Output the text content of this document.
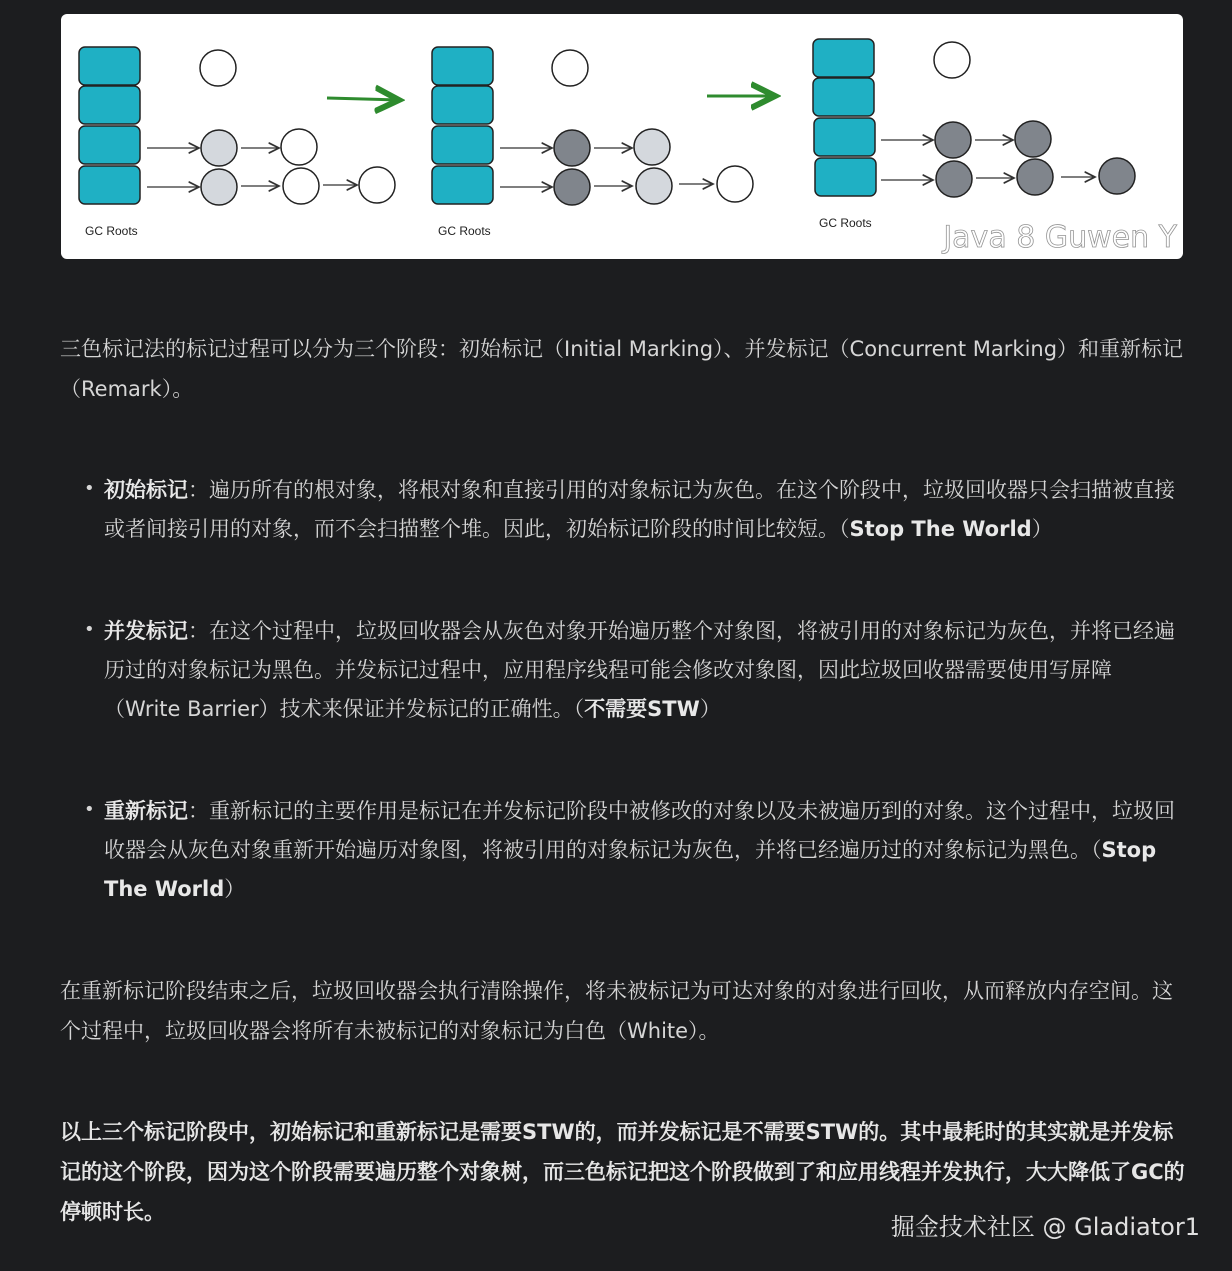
GC Roots	GC Roots
GC Roots Java 8 Guwen Y

三色标记法的标记过程可以分为三个阶段：初始标记（Initial Marking）、并发标记（Concurrent Marking）和重新标记（Remark）。

• 初始标记：遍历所有的根对象，将根对象和直接引用的对象标记为灰色。在这个阶段中，垃圾回收器只会扫描被直接或者间接引用的对象，而不会扫描整个堆。因此，初始标记阶段的时间比较短。（Stop The World）

• 并发标记：在这个过程中，垃圾回收器会从灰色对象开始遍历整个对象图，将被引用的对象标记为灰色，并将已经遍历过的对象标记为黑色。并发标记过程中，应用程序线程可能会修改对象图，因此垃圾回收器需要使用写屏障（Write Barrier）技术来保证并发标记的正确性。（不需要STW）

• 重新标记：重新标记的主要作用是标记在并发标记阶段中被修改的对象以及未被遍历到的对象。这个过程中，垃圾回收器会从灰色对象重新开始遍历对象图，将被引用的对象标记为灰色，并将已经遍历过的对象标记为黑色。（Stop The World）

在重新标记阶段结束之后，垃圾回收器会执行清除操作，将未被标记为可达对象的对象进行回收，从而释放内存空间。这个过程中，垃圾回收器会将所有未被标记的对象标记为白色（White）。

以上三个标记阶段中，初始标记和重新标记是需要STW的，而并发标记是不需要STW的。其中最耗时的其实就是并发标记的这个阶段，因为这个阶段需要遍历整个对象树，而三色标记把这个阶段做到了和应用线程并发执行，大大降低了GC的停顿时长。

掘金技术社区 @ Gladiator1
